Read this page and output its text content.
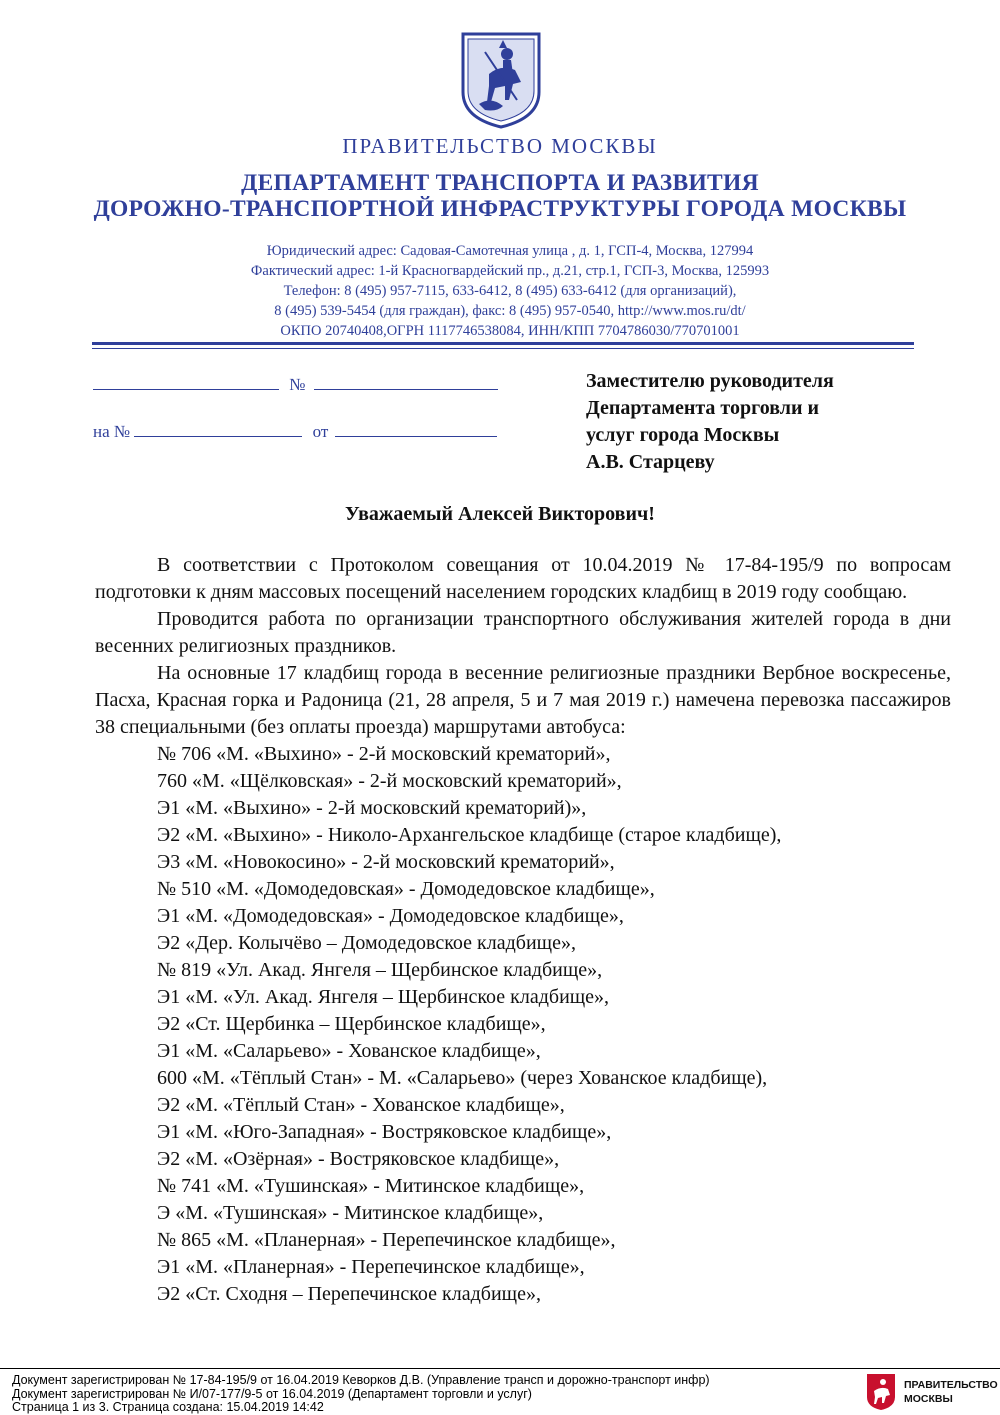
ПРАВИТЕЛЬСТВО МОСКВЫ
ДЕПАРТАМЕНТ ТРАНСПОРТА И РАЗВИТИЯ
ДОРОЖНО-ТРАНСПОРТНОЙ ИНФРАСТРУКТУРЫ ГОРОДА МОСКВЫ
Юридический адрес: Садовая-Самотечная улица , д. 1, ГСП-4, Москва, 127994
Фактический адрес: 1-й Красногвардейский пр., д.21, стр.1, ГСП-3, Москва, 125993
Телефон: 8 (495) 957-7115, 633-6412, 8 (495) 633-6412 (для организаций),
8 (495) 539-5454 (для граждан), факс: 8 (495) 957-0540, http://www.mos.ru/dt/
ОКПО 20740408,ОГРН 1117746538084, ИНН/КПП 7704786030/770701001
№
на №	от
Заместителю руководителя
Департамента торговли и
услуг города Москвы
А.В. Старцеву
Уважаемый Алексей Викторович!

В соответствии с Протоколом совещания от 10.04.2019 № 17-84-195/9 по вопросам подготовки к дням массовых посещений населением городских кладбищ в 2019 году сообщаю.

Проводится работа по организации транспортного обслуживания жителей города в дни весенних религиозных праздников.

На основные 17 кладбищ города в весенние религиозные праздники Вербное воскресенье, Пасха, Красная горка и Радоница (21, 28 апреля, 5 и 7 мая 2019 г.) намечена перевозка пассажиров 38 специальными (без оплаты проезда) маршрутами автобуса:

№ 706 «М. «Выхино» - 2-й московский крематорий»,
760 «М. «Щёлковская» - 2-й московский крематорий»,
Э1 «М. «Выхино» - 2-й московский крематорий)»,
Э2 «М. «Выхино» - Николо-Архангельское кладбище (старое кладбище),
Э3 «М. «Новокосино» - 2-й московский крематорий»,
№ 510 «М. «Домодедовская» - Домодедовское кладбище»,
Э1 «М. «Домодедовская» - Домодедовское кладбище»,
Э2 «Дер. Колычёво – Домодедовское кладбище»,
№ 819 «Ул. Акад. Янгеля – Щербинское кладбище»,
Э1 «М. «Ул. Акад. Янгеля – Щербинское кладбище»,
Э2 «Ст. Щербинка – Щербинское кладбище»,
Э1 «М. «Саларьево» - Хованское кладбище»,
600 «М. «Тёплый Стан» - М. «Саларьево» (через Хованское кладбище),
Э2 «М. «Тёплый Стан» - Хованское кладбище»,
Э1 «М. «Юго-Западная» - Востряковское кладбище»,
Э2 «М. «Озёрная» - Востряковское кладбище»,
№ 741 «М. «Тушинская» - Митинское кладбище»,
Э «М. «Тушинская» - Митинское кладбище»,
№ 865 «М. «Планерная» - Перепечинское кладбище»,
Э1 «М. «Планерная» - Перепечинское кладбище»,
Э2 «Ст. Сходня – Перепечинское кладбище»,
Документ зарегистрирован № 17-84-195/9 от 16.04.2019 Кеворков Д.В. (Управление трансп и дорожно-транспорт инфр)
Документ зарегистрирован № И/07-177/9-5 от 16.04.2019 (Департамент торговли и услуг)
Страница 1 из 3. Страница создана: 15.04.2019 14:42
ПРАВИТЕЛЬСТВО
МОСКВЫ
